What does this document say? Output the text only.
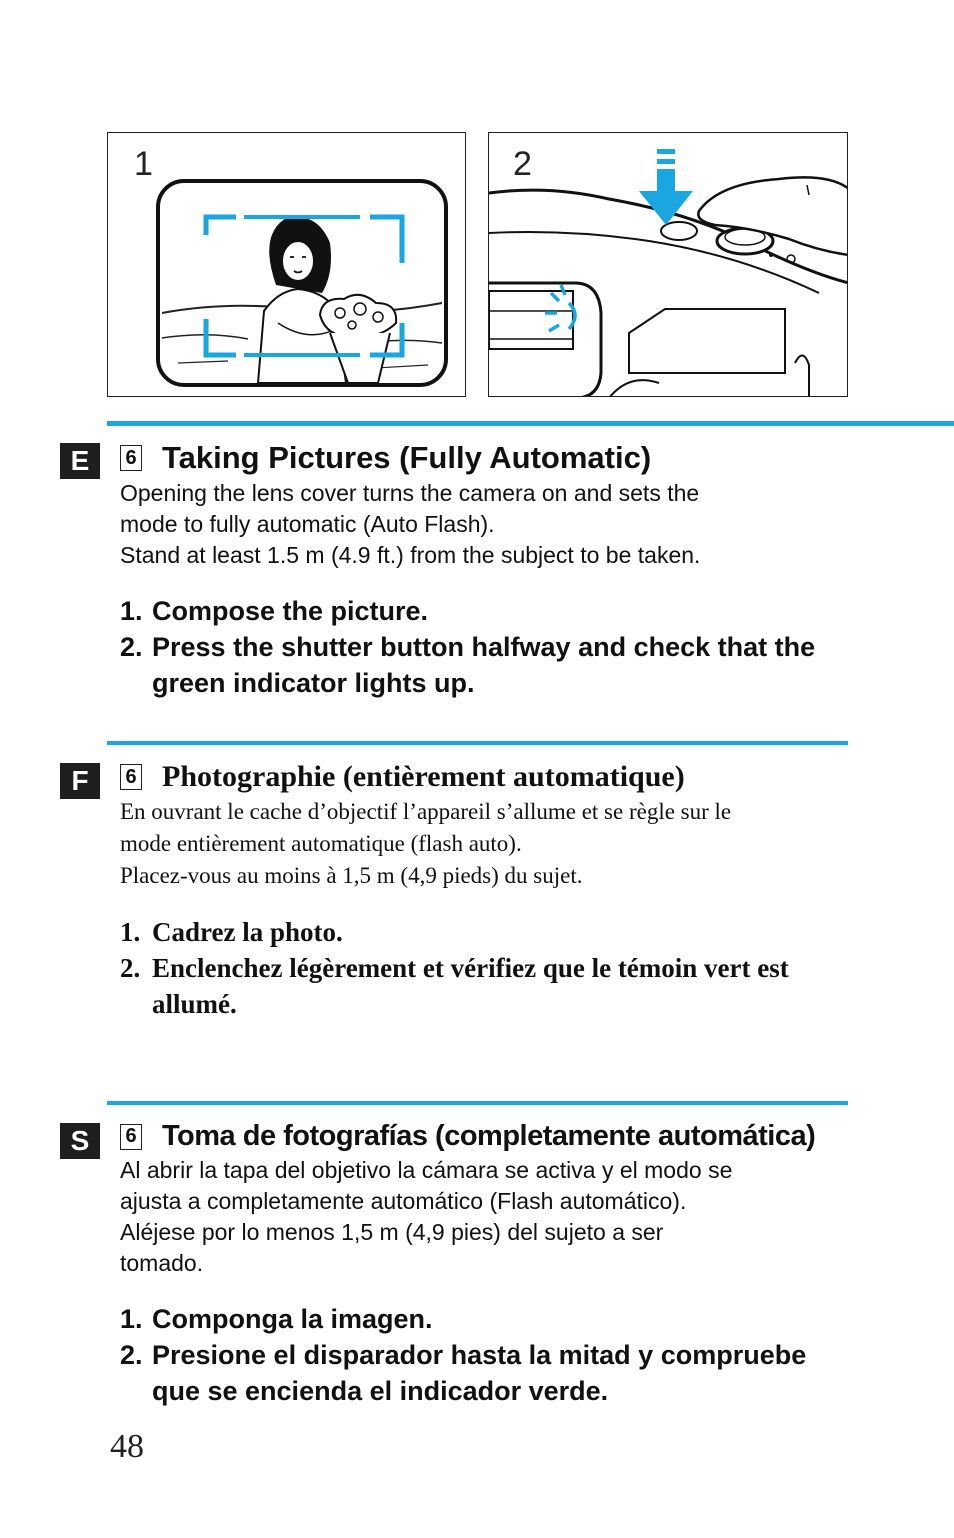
1	2
E
F
S
6 Taking Pictures (Fully Automatic)

Opening the lens cover turns the camera on and sets the

mode to fully automatic (Auto Flash).

Stand at least 1.5 m (4.9 ft.) from the subject to be taken.

1. Compose the picture.
2. Press the shutter button halfway and check that the green indicator lights up.
6 Photographie (entièrement automatique)

En ouvrant le cache d’objectif l’appareil s’allume et se règle sur le

mode entièrement automatique (flash auto).

Placez-vous au moins à 1,5 m (4,9 pieds) du sujet.

1. Cadrez la photo.
2. Enclenchez légèrement et vérifiez que le témoin vert est allumé.
6 Toma de fotografías (completamente automática)

Al abrir la tapa del objetivo la cámara se activa y el modo se

ajusta a completamente automático (Flash automático).

Aléjese por lo menos 1,5 m (4,9 pies) del sujeto a ser

tomado.

1. Componga la imagen.
2. Presione el disparador hasta la mitad y compruebe que se encienda el indicador verde.
48
